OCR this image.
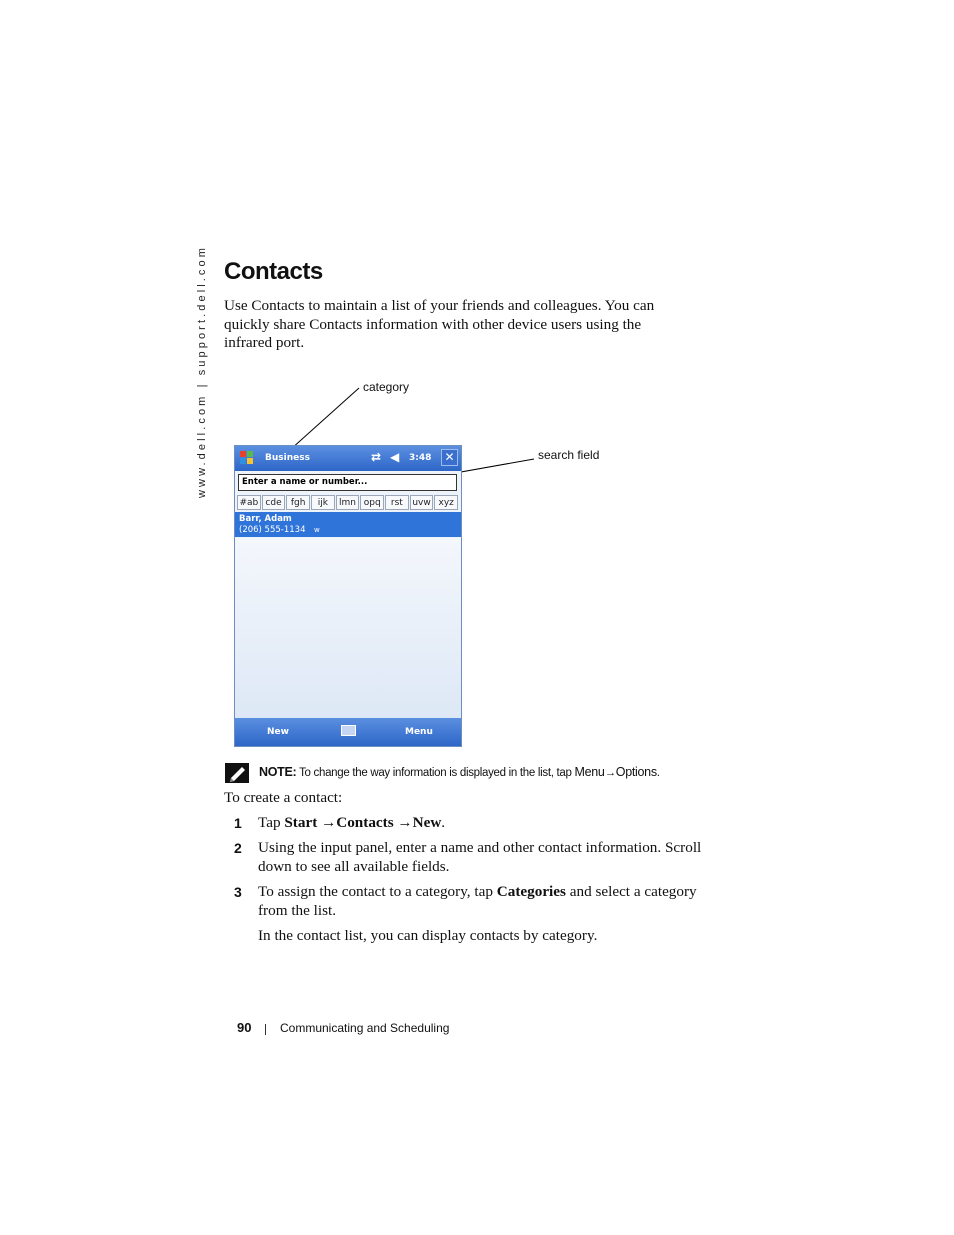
www.dell.com | support.dell.com Contacts

Use Contacts to maintain a list of your friends and colleagues. You can quickly share Contacts information with other device users using the infrared port.

category
search field
Business	⇄ ◀ 3:48 ✕
Enter a name or number...
#ab cde	fgh	ijk	lmn opq	rst	uvw xyz
Barr, Adam
(206) 555-1134 w
New	Menu
NOTE: To change the way information is displayed in the list, tap Menu→Options.

To create a contact:

1 Tap Start →Contacts →New.

2 Using the input panel, enter a name and other contact information. Scroll down to see all available fields.

3 To assign the contact to a category, tap Categories and select a category from the list.

In the contact list, you can display contacts by category.

90 Communicating and Scheduling
